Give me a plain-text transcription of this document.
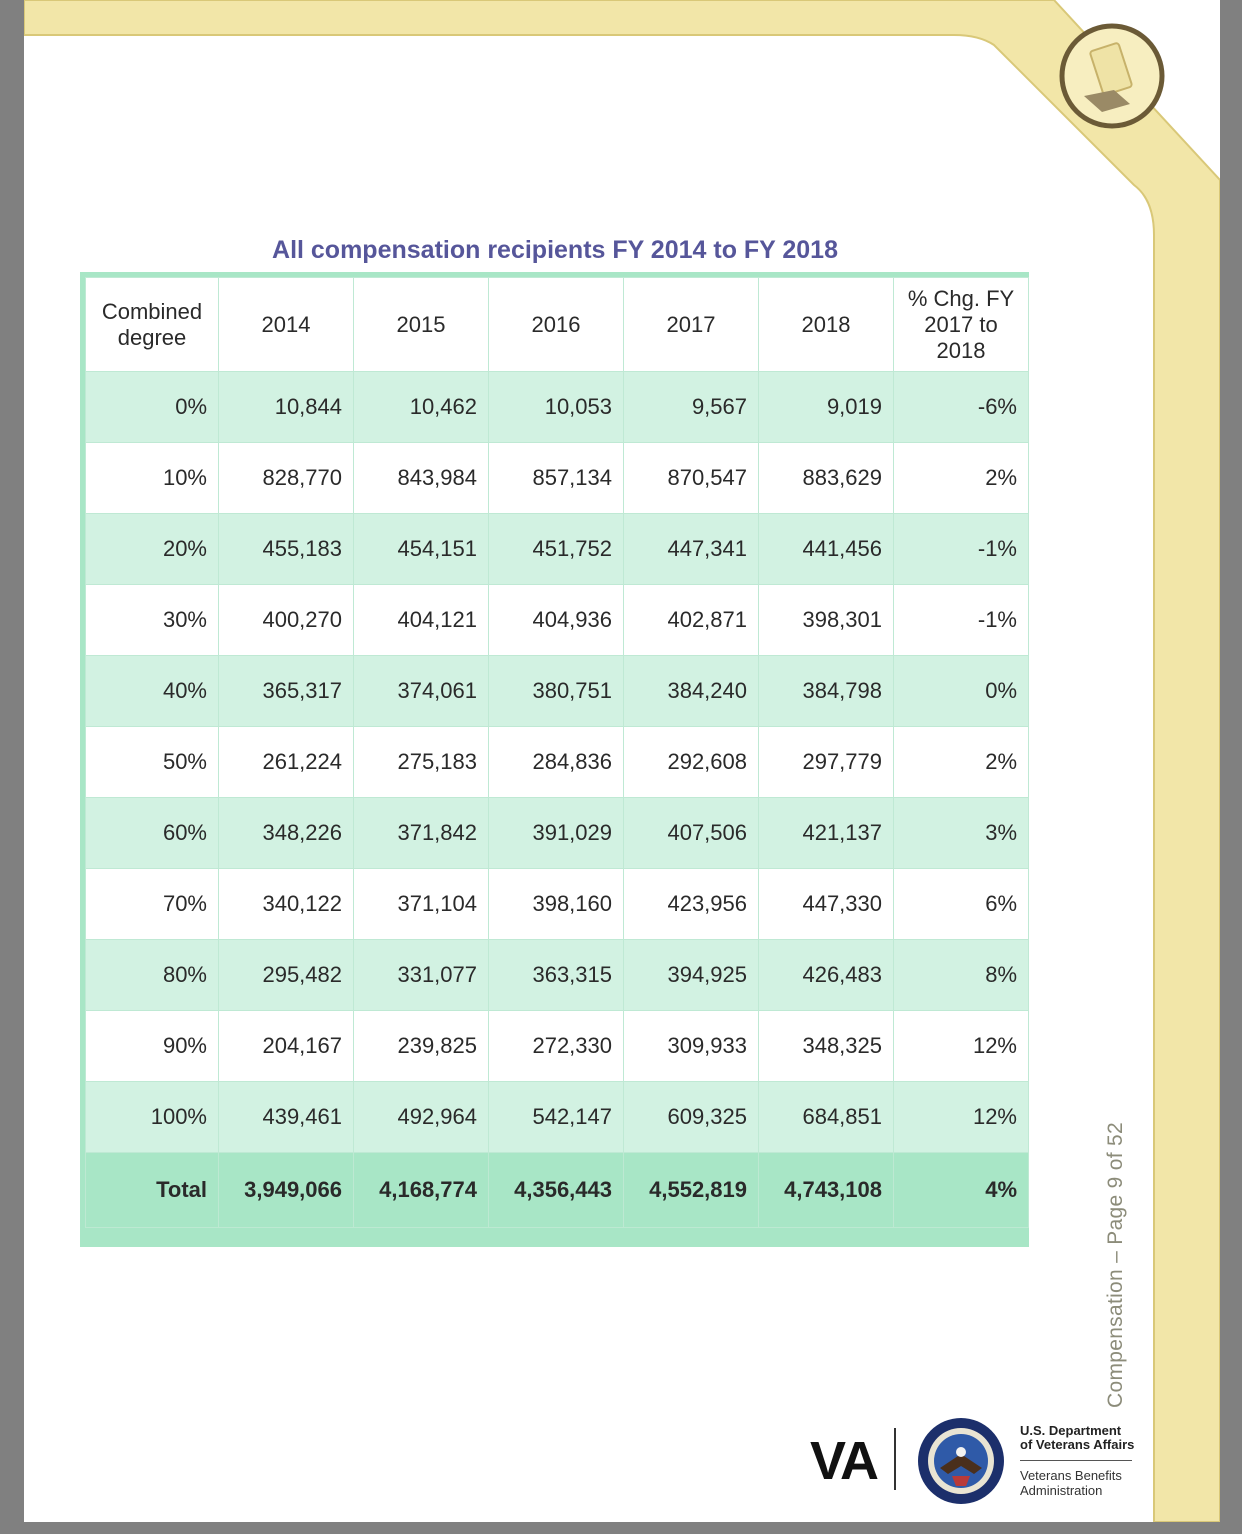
Compensation – Page 9 of 52
All compensation recipients FY 2014 to FY 2018
Combined degree	2014	2015	2016	2017	2018	% Chg. FY 2017 to 2018
0%	10,844	10,462	10,053	9,567	9,019	-6%
10%	828,770	843,984	857,134	870,547	883,629	2%
20%	455,183	454,151	451,752	447,341	441,456	-1%
30%	400,270	404,121	404,936	402,871	398,301	-1%
40%	365,317	374,061	380,751	384,240	384,798	0%
50%	261,224	275,183	284,836	292,608	297,779	2%
60%	348,226	371,842	391,029	407,506	421,137	3%
70%	340,122	371,104	398,160	423,956	447,330	6%
80%	295,482	331,077	363,315	394,925	426,483	8%
90%	204,167	239,825	272,330	309,933	348,325	12%
100%	439,461	492,964	542,147	609,325	684,851	12%
Total	3,949,066	4,168,774	4,356,443	4,552,819	4,743,108	4%
VA
U.S. Department
of Veterans Affairs
Veterans Benefits
Administration
